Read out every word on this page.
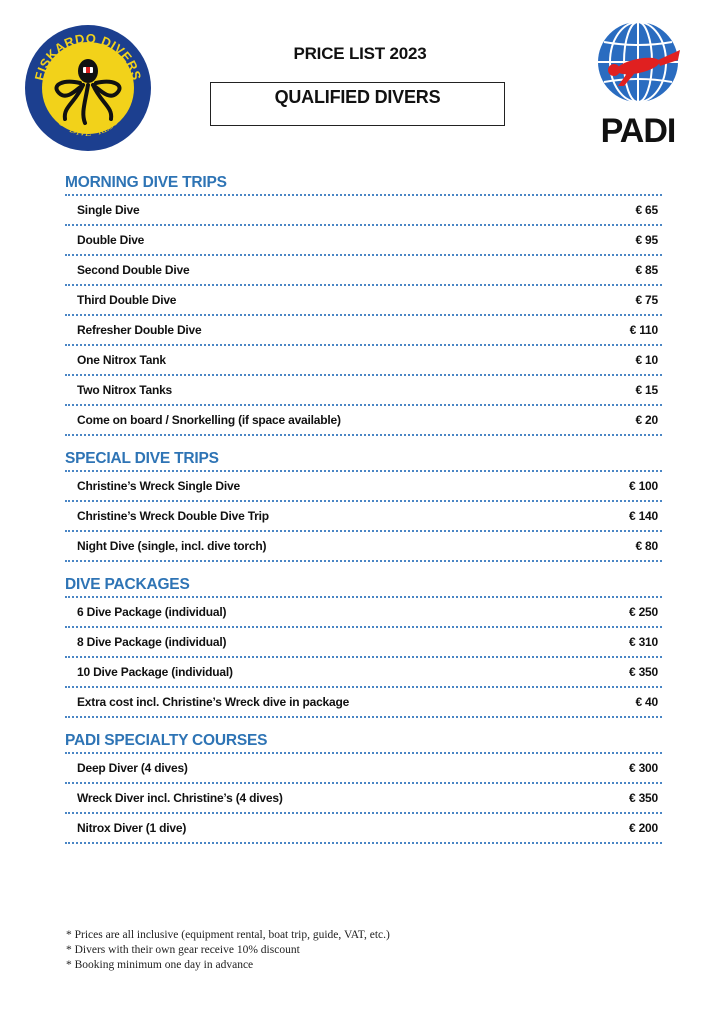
FISKARDO DIVERS
ECO · DIVE · RESORT
PRICE LIST 2023
QUALIFIED DIVERS
PADI
MORNING DIVE TRIPS
Single Dive	€ 65
Double Dive	€ 95
Second Double Dive	€ 85
Third Double Dive	€ 75
Refresher Double Dive	€ 110
One Nitrox Tank	€ 10
Two Nitrox Tanks	€ 15
Come on board / Snorkelling (if space available)	€ 20
SPECIAL DIVE TRIPS
Christine’s Wreck Single Dive	€ 100
Christine’s Wreck Double Dive Trip	€ 140
Night Dive (single, incl. dive torch)	€ 80
DIVE PACKAGES
6 Dive Package (individual)	€ 250
8 Dive Package (individual)	€ 310
10 Dive Package (individual)	€ 350
Extra cost incl. Christine’s Wreck dive in package	€ 40
PADI SPECIALTY COURSES
Deep Diver (4 dives)	€ 300
Wreck Diver incl. Christine’s (4 dives)	€ 350
Nitrox Diver (1 dive)	€ 200
* Prices are all inclusive (equipment rental, boat trip, guide, VAT, etc.)
* Divers with their own gear receive 10% discount
* Booking minimum one day in advance
